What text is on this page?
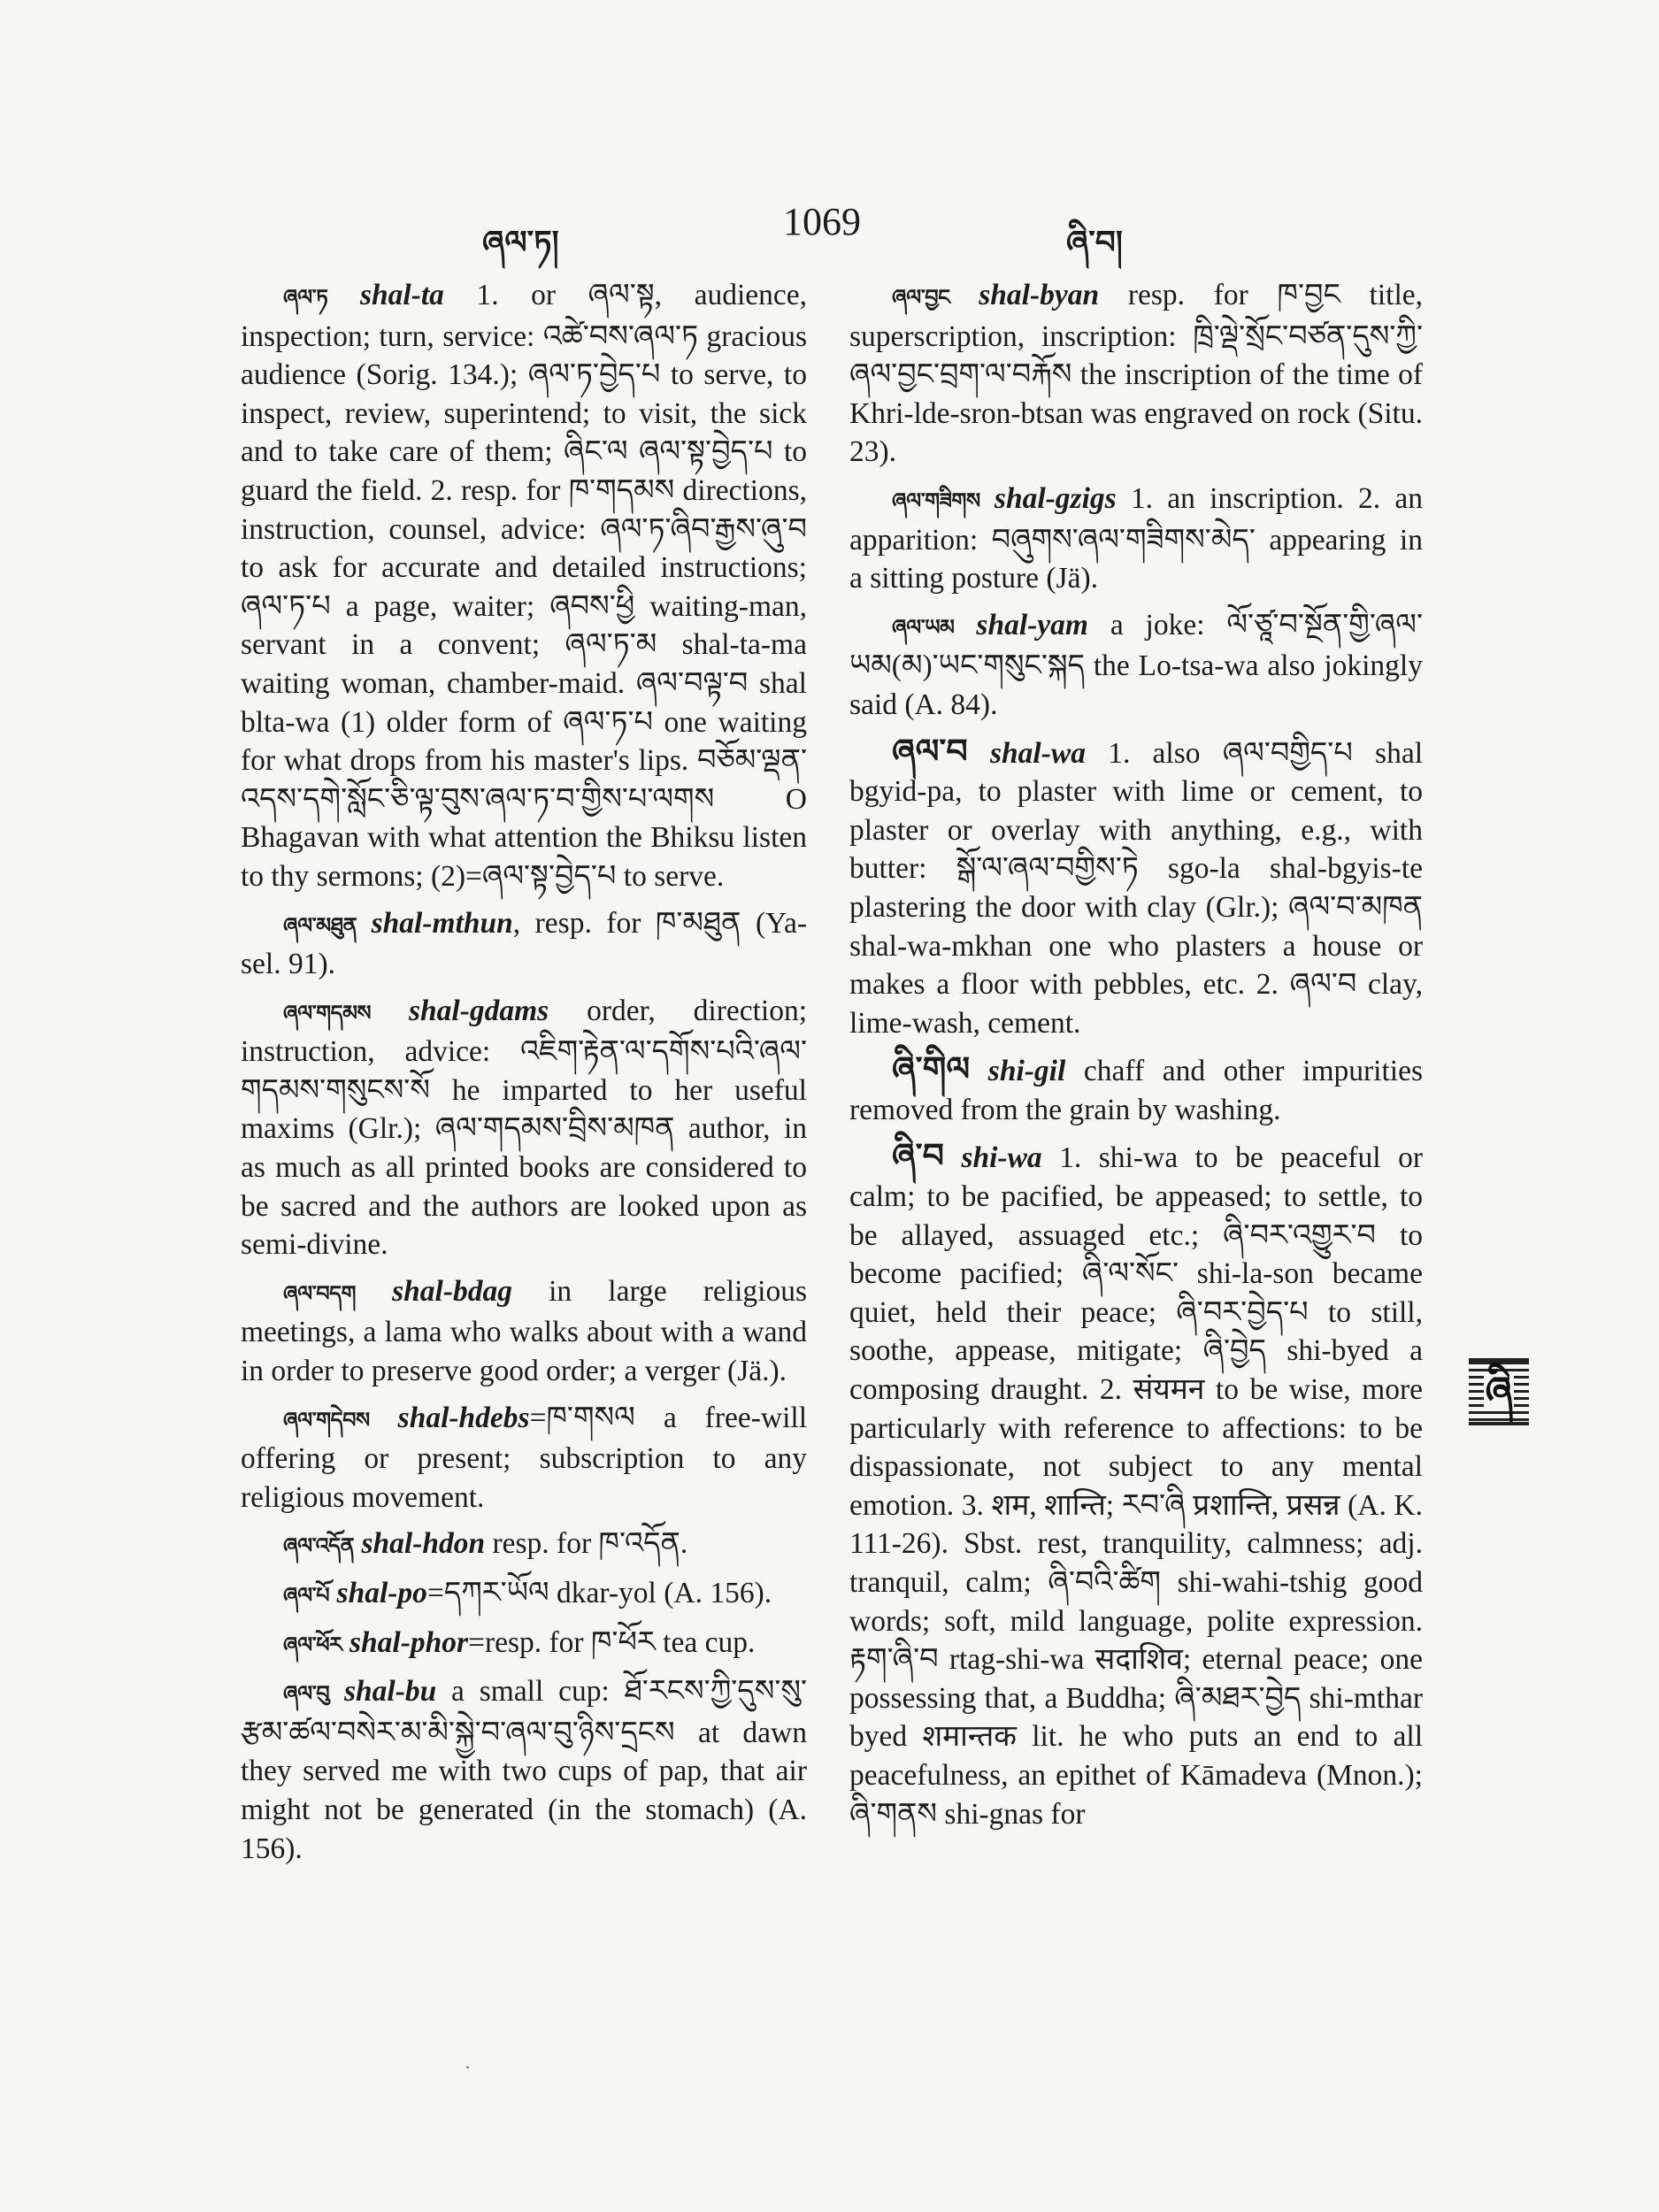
ཞལ་ཏ།	1069	ཞི་བ།

ཞལ་ཏ shal-ta 1. or ཞལ་སྟ, audience, inspection; turn, service: འཚེ་བས་ཞལ་ཏ gracious audience (Sorig. 134.); ཞལ་ཏ་བྱེད་པ to serve, to inspect, review, superintend; to visit, the sick and to take care of them; ཞིང་ལ ཞལ་སྟ་བྱེད་པ to guard the field. 2. resp. for ཁ་གདམས directions, instruction, counsel, advice: ཞལ་ཏ་ཞིབ་རྒྱས་ཞུ་བ to ask for accurate and detailed instructions; ཞལ་ཏ་པ a page, waiter; ཞབས་ཕྱི waiting-man, servant in a convent; ཞལ་ཏ་མ shal-ta-ma waiting woman, chamber-maid. ཞལ་བལྟ་བ shal blta-wa (1) older form of ཞལ་ཏ་པ one waiting for what drops from his master's lips. བཅོམ་ལྡན་འདས་དགེ་སློང་ཅི་ལྟ་བུས་ཞལ་ཏ་བ་གྱིས་པ་ལགས O Bhagavan with what attention the Bhiksu listen to thy sermons; (2)=ཞལ་སྟ་བྱེད་པ to serve.

ཞལ་མཐུན shal-mthun, resp. for ཁ་མཐུན (Ya-sel. 91).

ཞལ་གདམས shal-gdams order, direction; instruction, advice: འཇིག་རྟེན་ལ་དགོས་པའི་ཞལ་གདམས་གསུངས་སོ he imparted to her useful maxims (Glr.); ཞལ་གདམས་བྲིས་མཁན author, in as much as all printed books are considered to be sacred and the authors are looked upon as semi-divine.

ཞལ་བདག shal-bdag in large religious meetings, a lama who walks about with a wand in order to preserve good order; a verger (Jä.).

ཞལ་གདེབས shal-hdebs=ཁ་གསལ a free-will offering or present; subscription to any religious movement.

ཞལ་འདོན shal-hdon resp. for ཁ་འདོན.

ཞལ་པོ shal-po=དཀར་ཡོལ dkar-yol (A. 156).

ཞལ་ཕོར shal-phor=resp. for ཁ་ཕོར tea cup.

ཞལ་བུ shal-bu a small cup: ཐོ་རངས་ཀྱི་དུས་སུ་རྩམ་ཚལ་བསེར་མ་མི་སྐྱེ་བ་ཞལ་བུ་ཉིས་དྲངས at dawn they served me with two cups of pap, that air might not be generated (in the stomach) (A. 156).

ཞལ་བྱང shal-byan resp. for ཁ་བྱང title, superscription, inscription: ཁྲི་ལྡེ་སྲོང་བཙན་དུས་ཀྱི་ཞལ་བྱང་བྲག་ལ་བརྐོས the inscription of the time of Khri-lde-sron-btsan was engraved on rock (Situ. 23).

ཞལ་གཟིགས shal-gzigs 1. an inscription. 2. an apparition: བཞུགས་ཞལ་གཟིགས་མེད་ appearing in a sitting posture (Jä).

ཞལ་ཡམ shal-yam a joke: ལོ་ཙཱ་བ་སྔོན་གྱི་ཞལ་ཡམ(མ)་ཡང་གསུང་སྐད the Lo-tsa-wa also jokingly said (A. 84).

ཞལ་བ shal-wa 1. also ཞལ་བགྱིད་པ shal bgyid-pa, to plaster with lime or cement, to plaster or overlay with anything, e.g., with butter: སྒོ་ལ་ཞལ་བགྱིས་ཏེ sgo-la shal-bgyis-te plastering the door with clay (Glr.); ཞལ་བ་མཁན shal-wa-mkhan one who plasters a house or makes a floor with pebbles, etc. 2. ཞལ་བ clay, lime-wash, cement.

ཞི་གིལ shi-gil chaff and other impurities removed from the grain by washing.

ཞི་བ shi-wa 1. shi-wa to be peaceful or calm; to be pacified, be appeased; to settle, to be allayed, assuaged etc.; ཞི་བར་འགྱུར་བ to become pacified; ཞི་ལ་སོང་ shi-la-son became quiet, held their peace; ཞི་བར་བྱེད་པ to still, soothe, appease, mitigate; ཞི་བྱེད shi-byed a composing draught. 2. संयमन to be wise, more particularly with reference to affections: to be dispassionate, not subject to any mental emotion. 3. शम, शान्ति; རབ་ཞི प्रशान्ति, प्रसन्न (A. K. 111-26). Sbst. rest, tranquility, calmness; adj. tranquil, calm; ཞི་བའི་ཚིག shi-wahi-tshig good words; soft, mild language, polite expression. རྟག་ཞི་བ rtag-shi-wa सदाशिव; eternal peace; one possessing that, a Buddha; ཞི་མཐར་བྱེད shi-mthar byed शमान्तक lit. he who puts an end to all peacefulness, an epithet of Kāmadeva (Mnon.); ཞི་གནས shi-gnas for

ཞི
